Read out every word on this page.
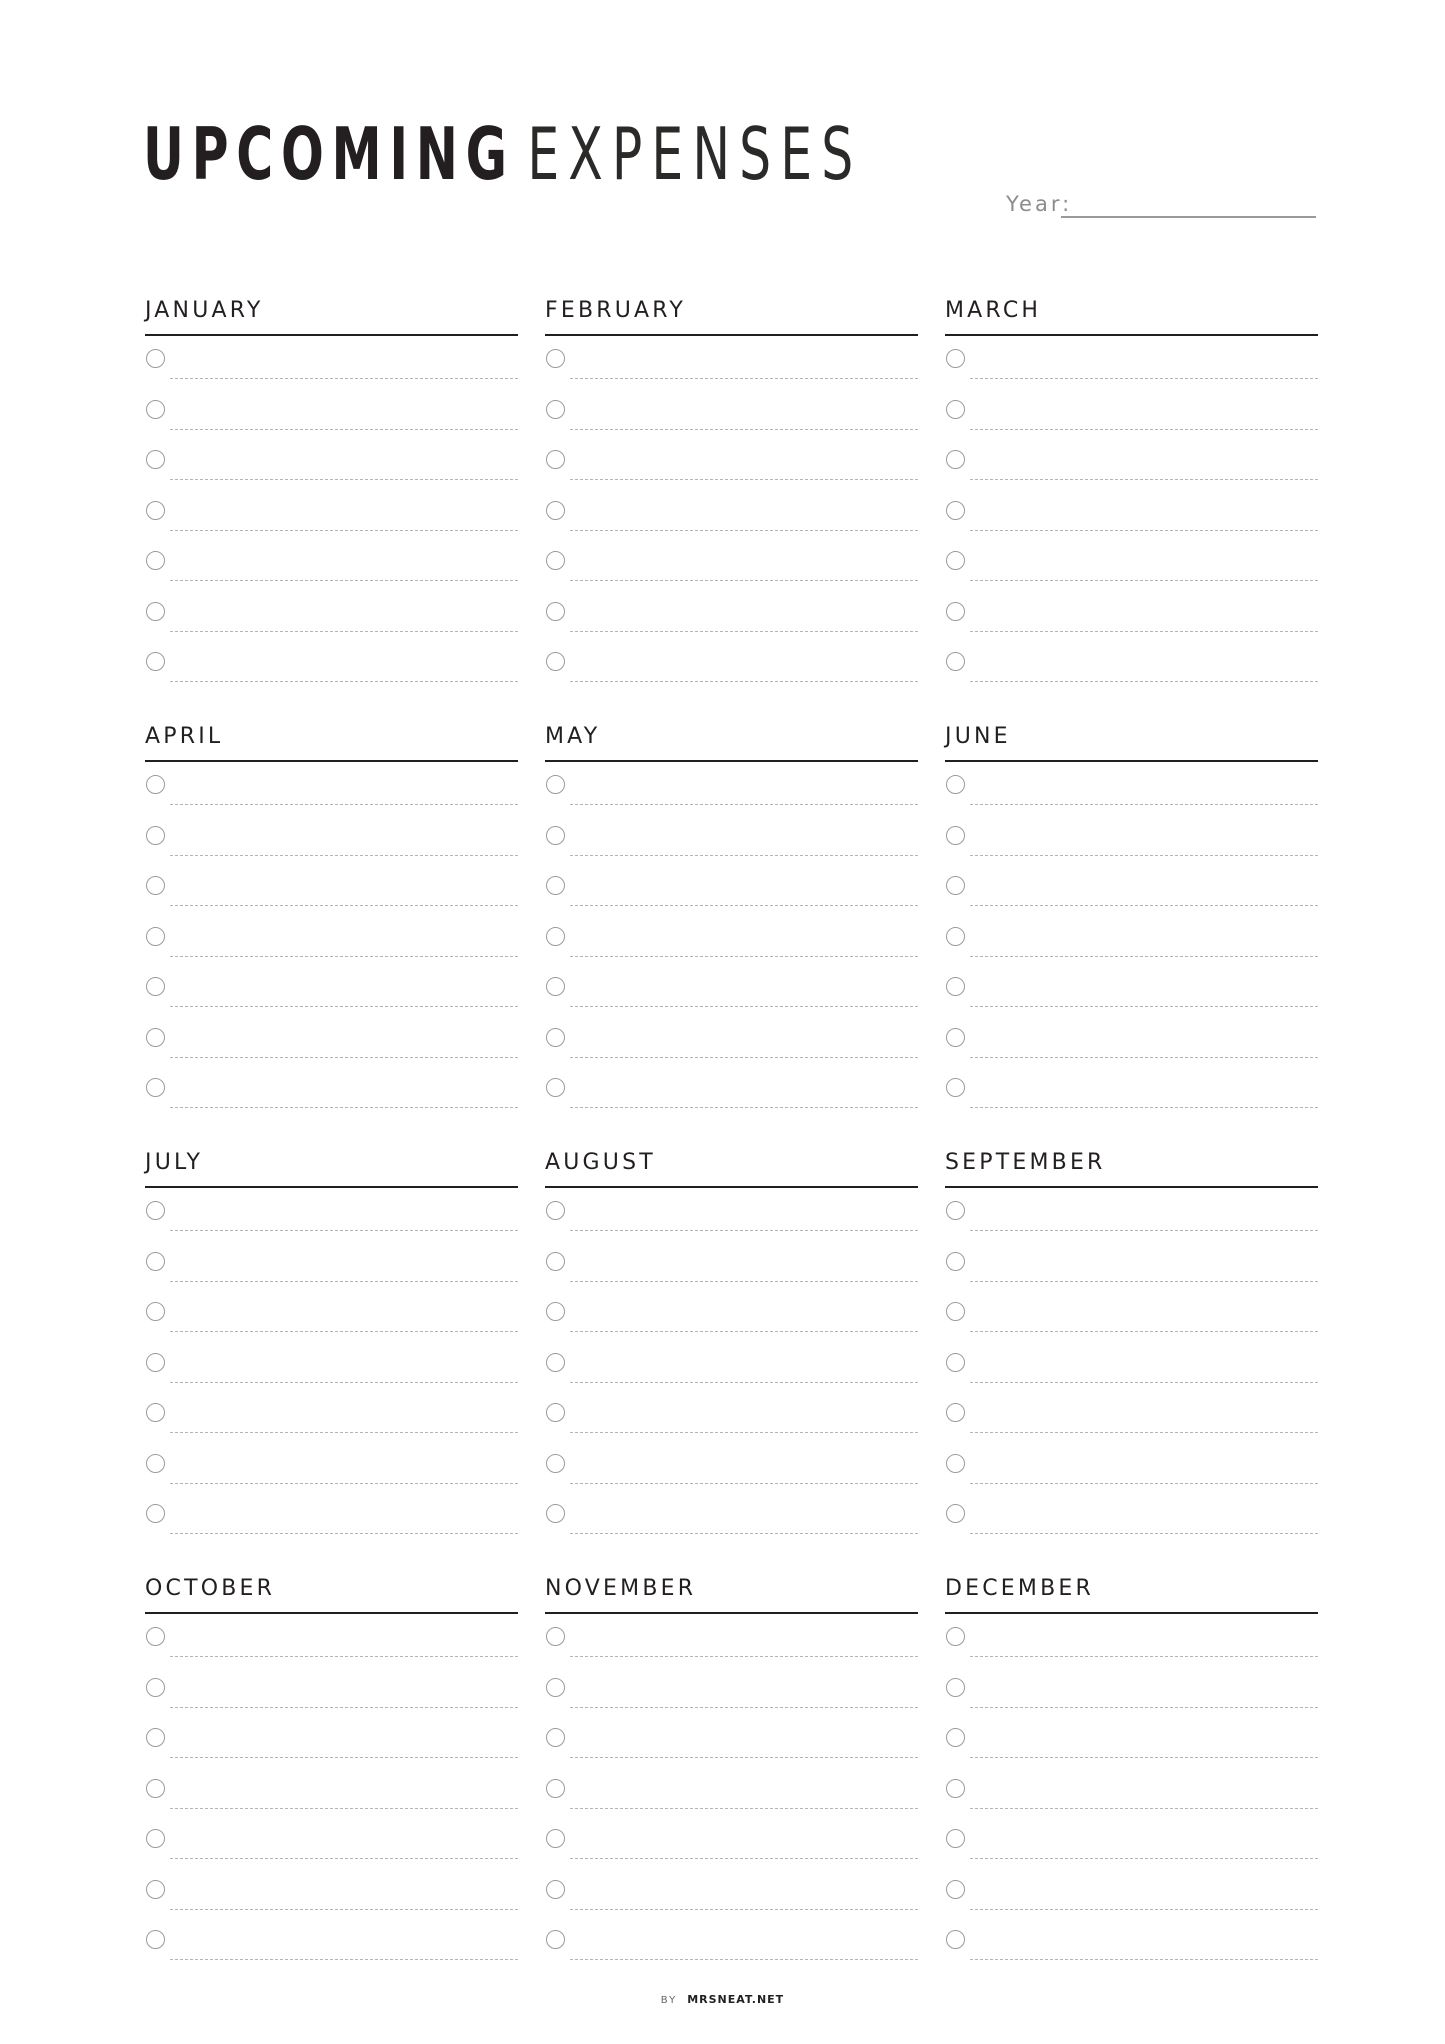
UPCOMING EXPENSES
Year:
JANUARY	FEBRUARY	MARCH
APRIL	MAY	JUNE
JULY	AUGUST	SEPTEMBER
OCTOBER	NOVEMBER	DECEMBER
BY MRSNEAT.NET
